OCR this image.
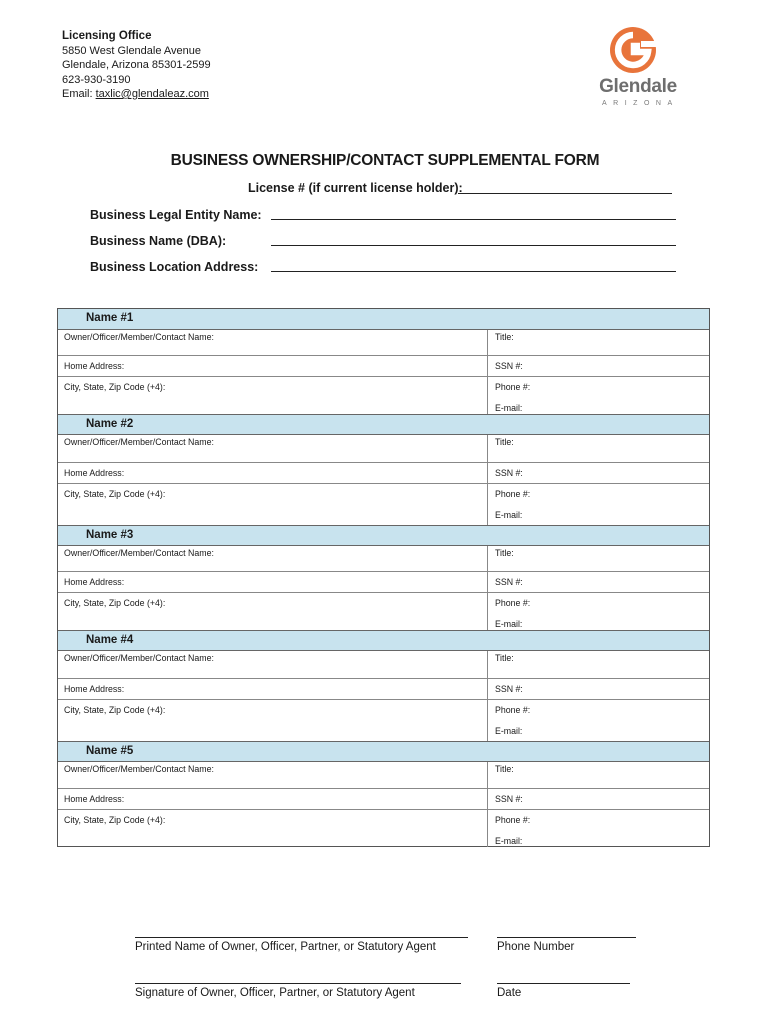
Licensing Office
5850 West Glendale Avenue
Glendale, Arizona 85301-2599
623-930-3190
Email: taxlic@glendaleaz.com	Glendale
ARIZONA
BUSINESS OWNERSHIP/CONTACT SUPPLEMENTAL FORM
License # (if current license holder):
Business Legal Entity Name:
Business Name (DBA):
Business Location Address:
Name #1
Owner/Officer/Member/Contact Name:	Title:
Home Address:	SSN #:
City, State, Zip Code (+4):	Phone #:
E-mail:
Name #2
Owner/Officer/Member/Contact Name:	Title:
Home Address:	SSN #:
City, State, Zip Code (+4):	Phone #:
E-mail:
Name #3
Owner/Officer/Member/Contact Name:	Title:
Home Address:	SSN #:
City, State, Zip Code (+4):	Phone #:
E-mail:
Name #4
Owner/Officer/Member/Contact Name:	Title:
Home Address:	SSN #:
City, State, Zip Code (+4):	Phone #:
E-mail:
Name #5
Owner/Officer/Member/Contact Name:	Title:
Home Address:	SSN #:
City, State, Zip Code (+4):	Phone #:
E-mail:
Printed Name of Owner, Officer, Partner, or Statutory Agent	Phone Number
Signature of Owner, Officer, Partner, or Statutory Agent	Date
